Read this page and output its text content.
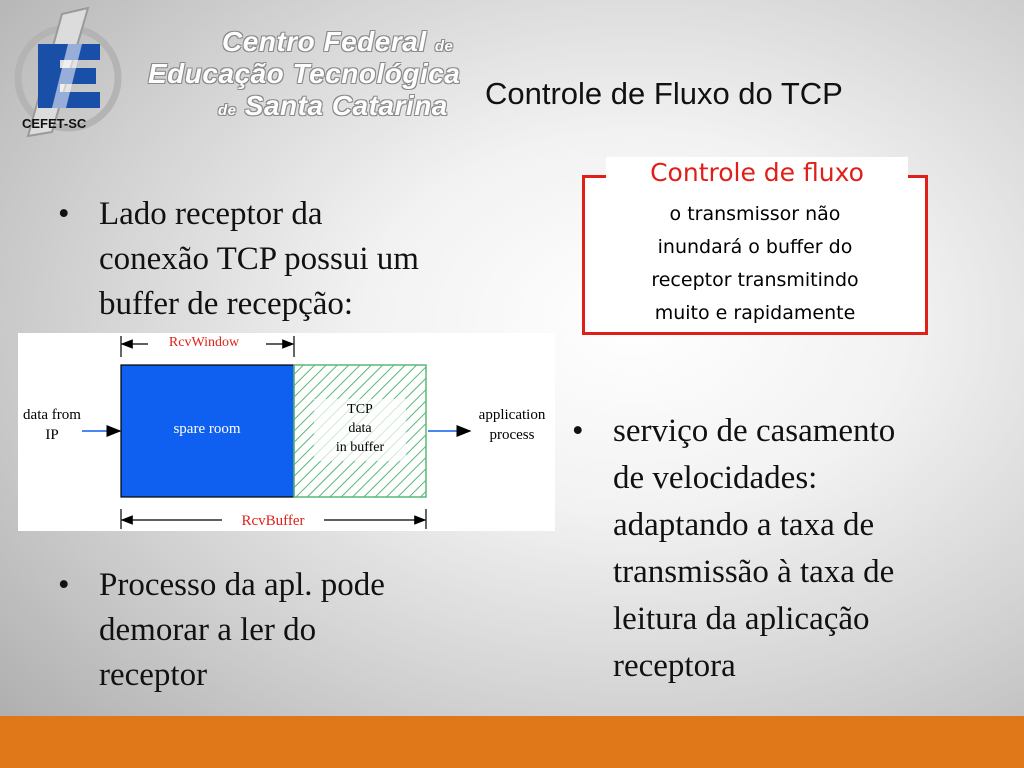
CEFET-SC
Centro Federal de
Educação Tecnológica
de Santa Catarina Controle de Fluxo do TCP
Controle de fluxo
o transmissor não
inundará o buffer do
receptor transmitindo
muito e rapidamente
• Lado receptor da
conexão TCP possui um
buffer de recepção:
RcvWindow
spare room
TCP
data
in buffer
data from
IP
application
process
RcvBuffer
• Processo da apl. pode
demorar a ler do
receptor
• serviço de casamento
de velocidades:
adaptando a taxa de
transmissão à taxa de
leitura da aplicação
receptora
